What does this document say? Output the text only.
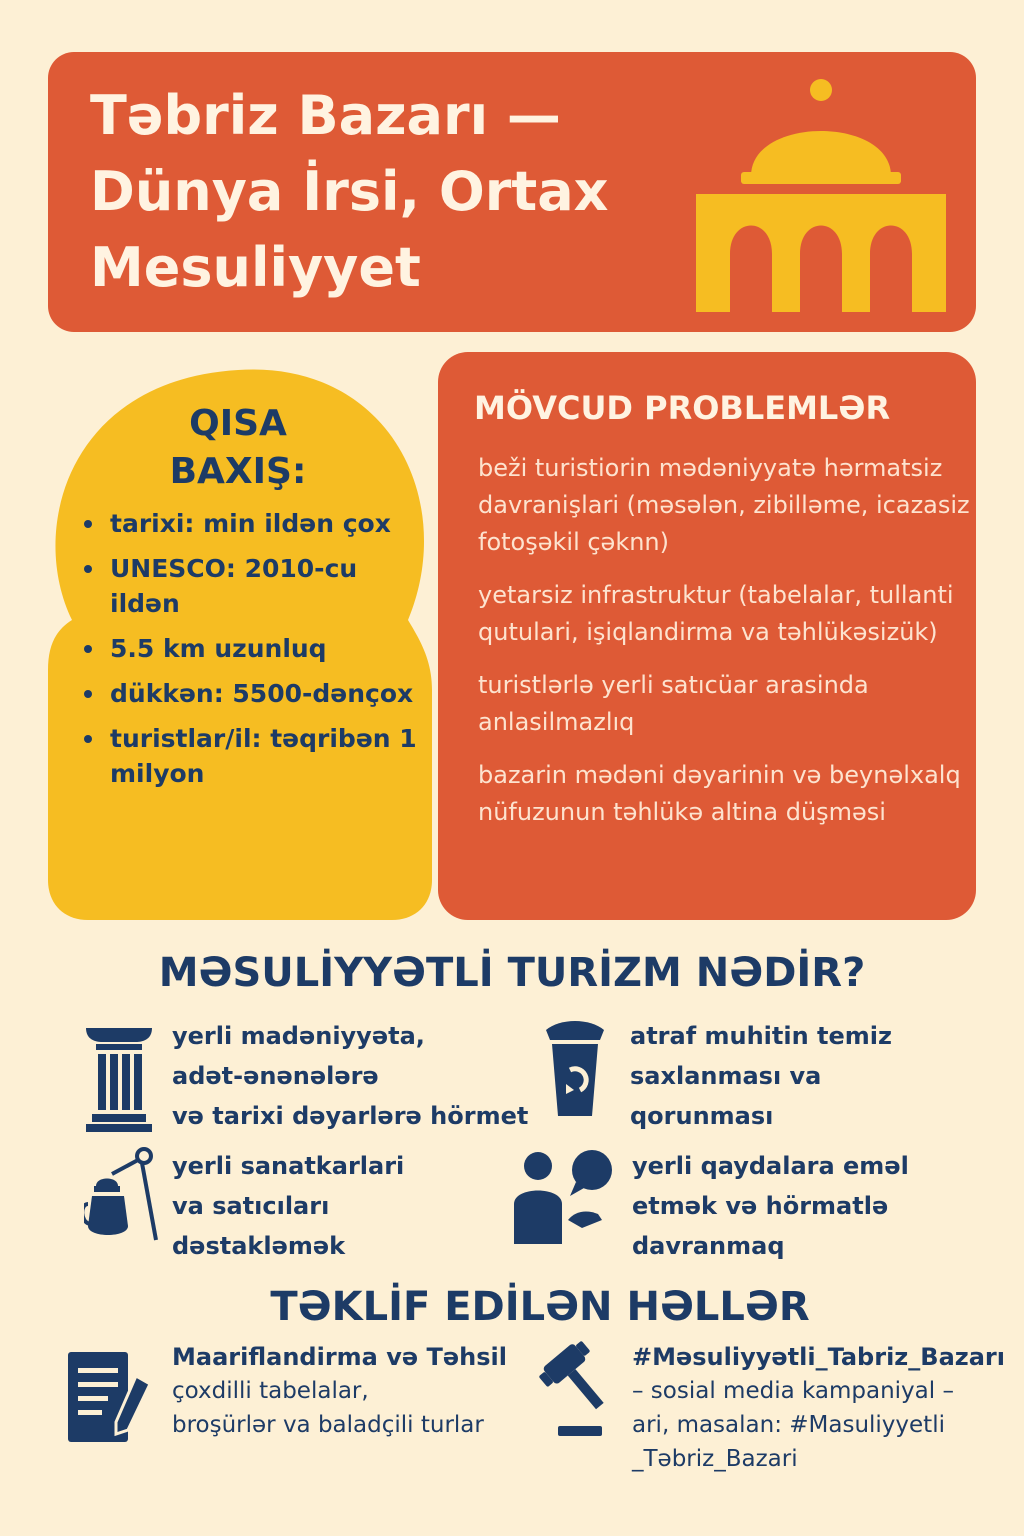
Təbriz Bazarı — Dünya İrsi, Ortax Mesuliyyet
QISA BAXIŞ:
tarixi: min ildən çox
UNESCO: 2010-cu ildən
5.5 km uzunluq
dükkən: 5500-dənçox
turistlar/il: təqribən 1 milyon
MÖVCUD PROBLEMLƏR
beži turistiorin mədəniyyatə hərmatsiz davranişlari (məsələn, zibilləme, icazasiz fotoşəkil çəknn)
yetarsiz infrastruktur (tabelalar, tullanti qutulari, işiqlandirma va təhlükəsizük)
turistlərlə yerli satıcüar arasinda anlasilmazlıq
bazarin mədəni dəyarinin və beynəlxalq nüfuzunun təhlükə altina düşməsi
MƏSULİYYƏTLİ TURİZM NƏDİR?
yerli madəniyyəta,
adət-ənənələrə
və tarixi dəyarlərə hörmet
atraf muhitin temiz
saxlanması va
qorunması
yerli sanatkarlari
va satıcıları
dəstakləmək
yerli qaydalara eməl
etmək və hörmatlə
davranmaq
TƏKLİF EDİLƏN HƏLLƏR
Maariflandirma və Təhsil
çoxdilli tabelalar,
broşürlər va baladçili turlar
#Məsuliyyətli_Tabriz_Bazarı
– sosial media kampaniyal –
ari, masalan: #Masuliyyetli
_Təbriz_Bazari
